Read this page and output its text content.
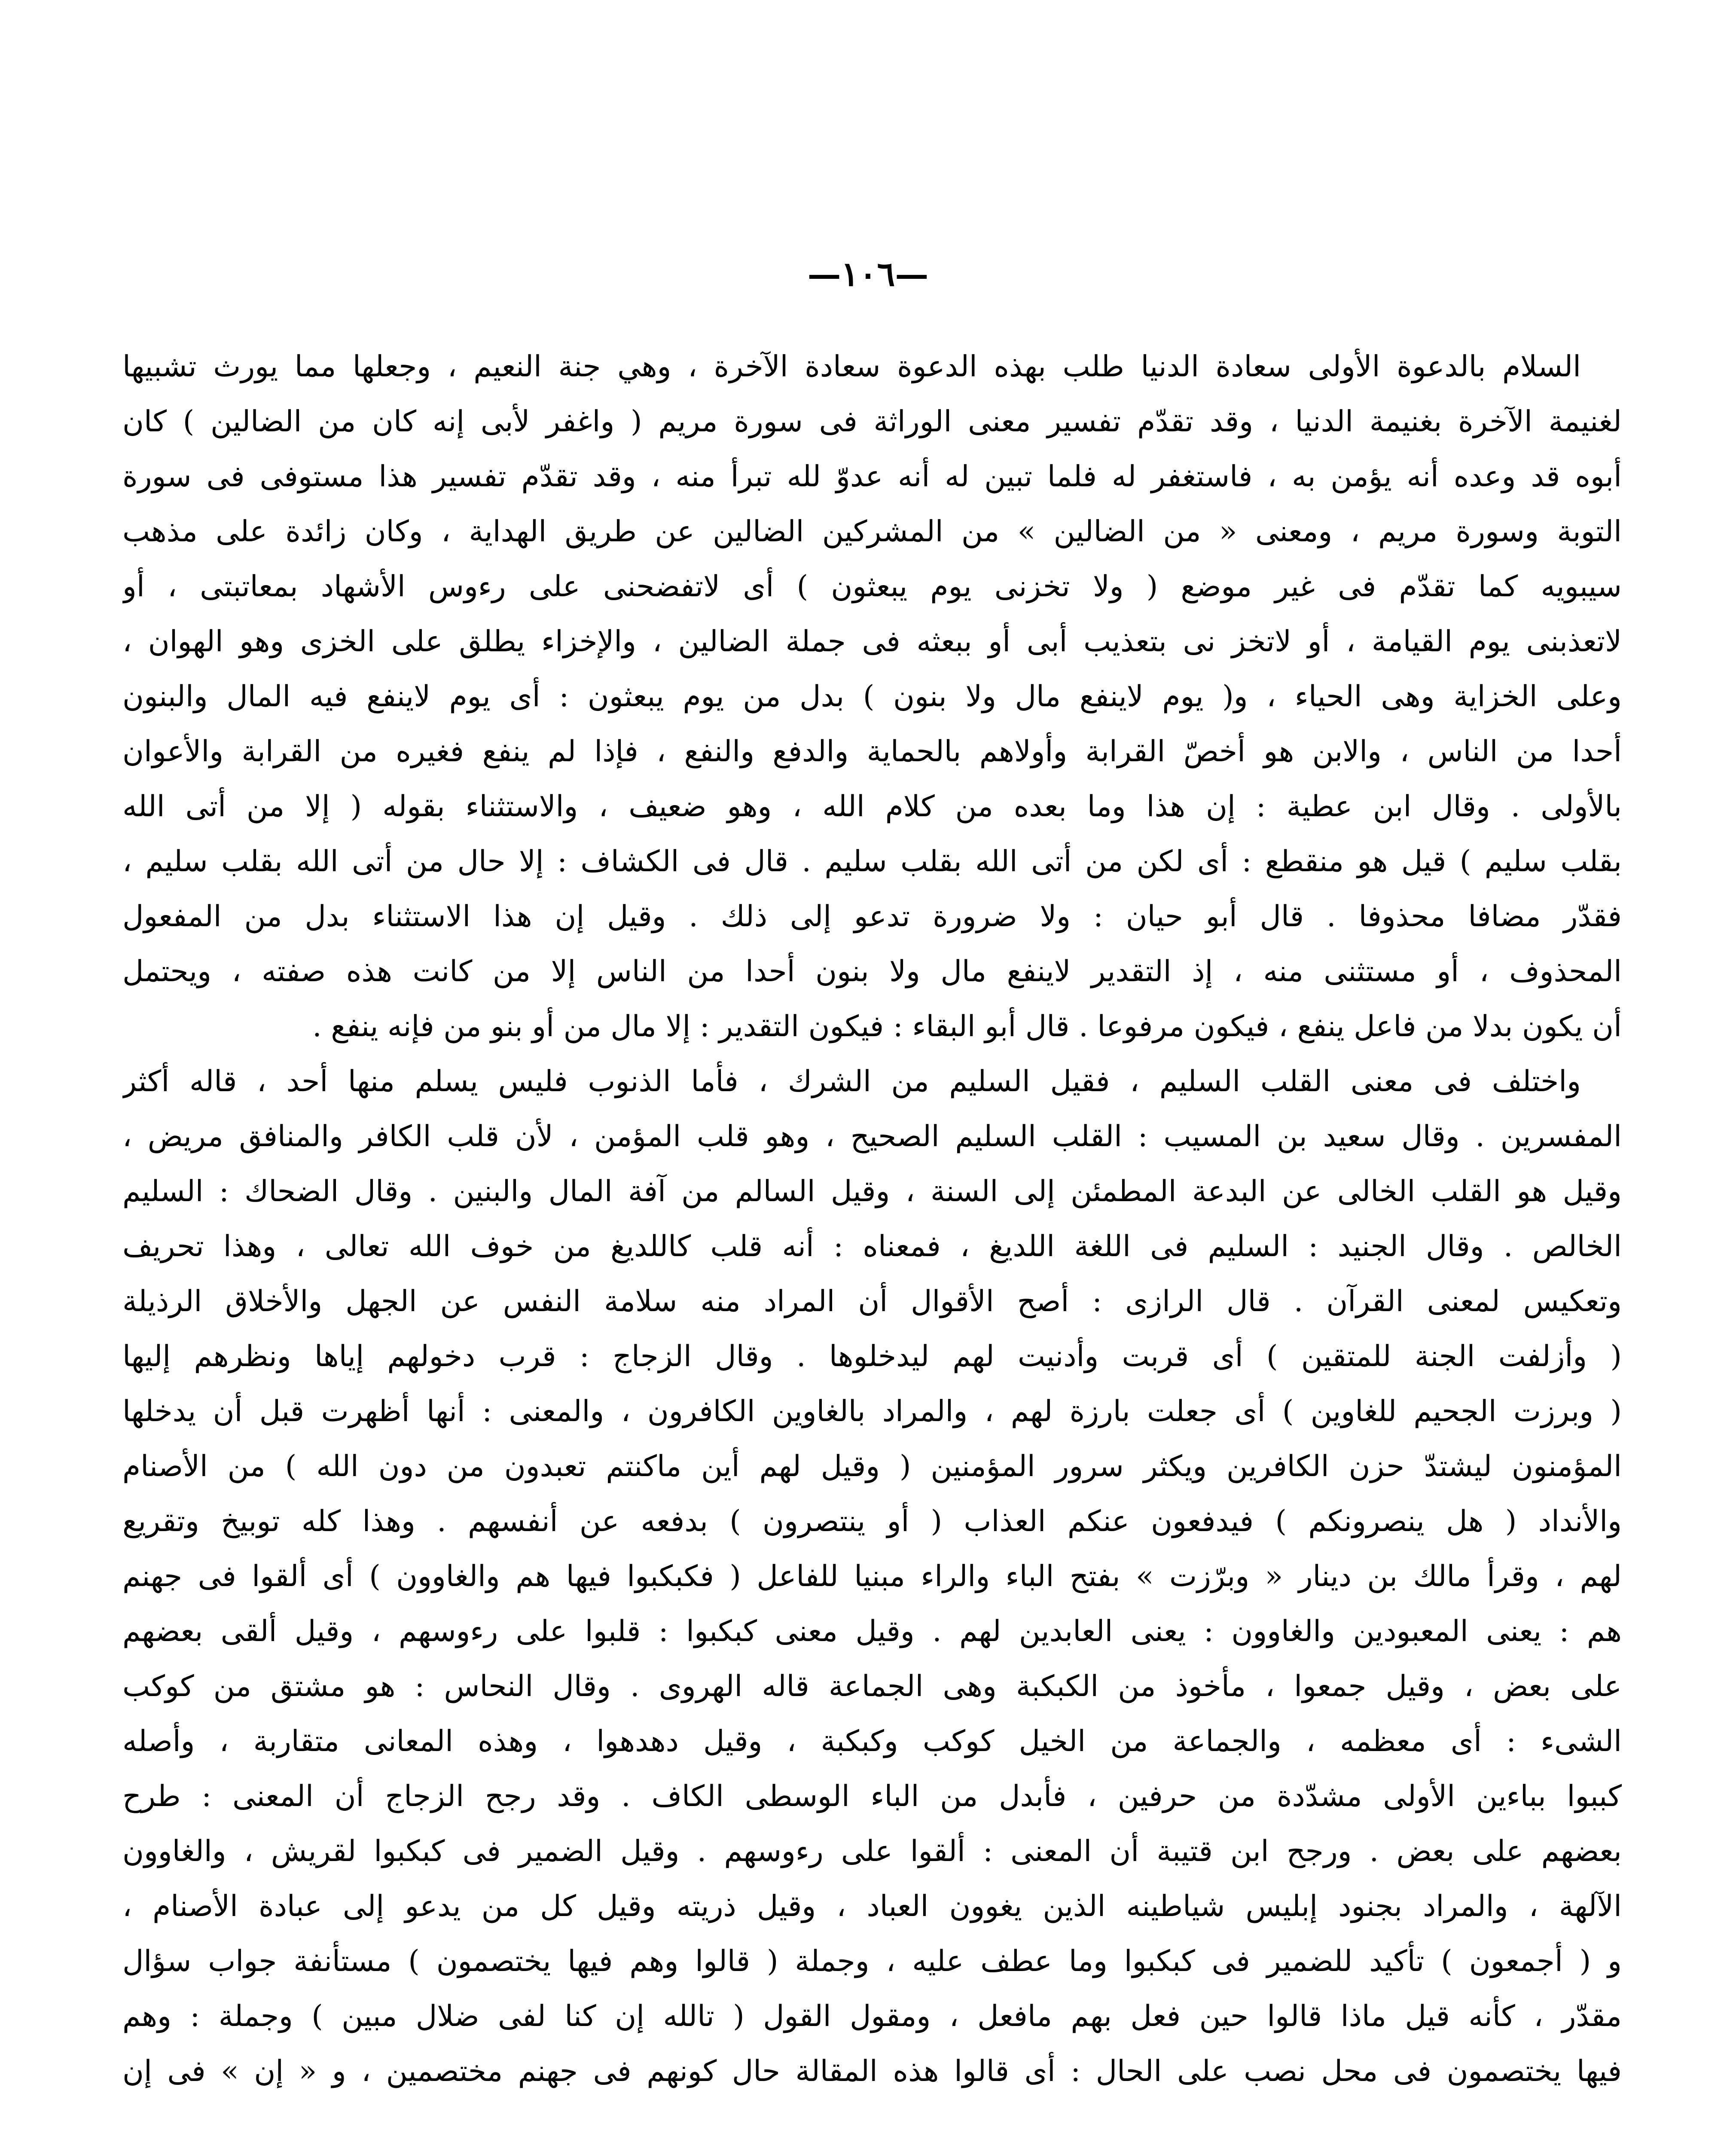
—١٠٦—
السلام بالدعوة الأولى سعادة الدنيا طلب بهذه الدعوة سعادة الآخرة ، وهي جنة النعيم ، وجعلها مما يورث تشبيها
لغنيمة الآخرة بغنيمة الدنيا ، وقد تقدّم تفسير معنى الوراثة فى سورة مريم ( واغفر لأبى إنه كان من الضالين ) كان
أبوه قد وعده أنه يؤمن به ، فاستغفر له فلما تبين له أنه عدوّ لله تبرأ منه ، وقد تقدّم تفسير هذا مستوفى فى سورة
التوبة وسورة مريم ، ومعنى « من الضالين » من المشركين الضالين عن طريق الهداية ، وكان زائدة على مذهب
سيبويه كما تقدّم فى غير موضع ( ولا تخزنى يوم يبعثون ) أى لاتفضحنى على رءوس الأشهاد بمعاتبتى ، أو
لاتعذبنى يوم القيامة ، أو لاتخز نى بتعذيب أبى أو ببعثه فى جملة الضالين ، والإخزاء يطلق على الخزى وهو الهوان ،
وعلى الخزاية وهى الحياء ، و( يوم لاينفع مال ولا بنون ) بدل من يوم يبعثون : أى يوم لاينفع فيه المال والبنون
أحدا من الناس ، والابن هو أخصّ القرابة وأولاهم بالحماية والدفع والنفع ، فإذا لم ينفع فغيره من القرابة والأعوان
بالأولى . وقال ابن عطية : إن هذا وما بعده من كلام الله ، وهو ضعيف ، والاستثناء بقوله ( إلا من أتى الله
بقلب سليم ) قيل هو منقطع : أى لكن من أتى الله بقلب سليم . قال فى الكشاف : إلا حال من أتى الله بقلب سليم ،
فقدّر مضافا محذوفا . قال أبو حيان : ولا ضرورة تدعو إلى ذلك . وقيل إن هذا الاستثناء بدل من المفعول
المحذوف ، أو مستثنى منه ، إذ التقدير لاينفع مال ولا بنون أحدا من الناس إلا من كانت هذه صفته ، ويحتمل
أن يكون بدلا من فاعل ينفع ، فيكون مرفوعا . قال أبو البقاء : فيكون التقدير : إلا مال من أو بنو من فإنه ينفع .
واختلف فى معنى القلب السليم ، فقيل السليم من الشرك ، فأما الذنوب فليس يسلم منها أحد ، قاله أكثر
المفسرين . وقال سعيد بن المسيب : القلب السليم الصحيح ، وهو قلب المؤمن ، لأن قلب الكافر والمنافق مريض ،
وقيل هو القلب الخالى عن البدعة المطمئن إلى السنة ، وقيل السالم من آفة المال والبنين . وقال الضحاك : السليم
الخالص . وقال الجنيد : السليم فى اللغة اللديغ ، فمعناه : أنه قلب كاللديغ من خوف الله تعالى ، وهذا تحريف
وتعكيس لمعنى القرآن . قال الرازى : أصح الأقوال أن المراد منه سلامة النفس عن الجهل والأخلاق الرذيلة
( وأزلفت الجنة للمتقين ) أى قربت وأدنيت لهم ليدخلوها . وقال الزجاج : قرب دخولهم إياها ونظرهم إليها
( وبرزت الجحيم للغاوين ) أى جعلت بارزة لهم ، والمراد بالغاوين الكافرون ، والمعنى : أنها أظهرت قبل أن يدخلها
المؤمنون ليشتدّ حزن الكافرين ويكثر سرور المؤمنين ( وقيل لهم أين ماكنتم تعبدون من دون الله ) من الأصنام
والأنداد ( هل ينصرونكم ) فيدفعون عنكم العذاب ( أو ينتصرون ) بدفعه عن أنفسهم . وهذا كله توبيخ وتقريع
لهم ، وقرأ مالك بن دينار « وبرّزت » بفتح الباء والراء مبنيا للفاعل ( فكبكبوا فيها هم والغاوون ) أى ألقوا فى جهنم
هم : يعنى المعبودين والغاوون : يعنى العابدين لهم . وقيل معنى كبكبوا : قلبوا على رءوسهم ، وقيل ألقى بعضهم
على بعض ، وقيل جمعوا ، مأخوذ من الكبكبة وهى الجماعة قاله الهروى . وقال النحاس : هو مشتق من كوكب
الشىء : أى معظمه ، والجماعة من الخيل كوكب وكبكبة ، وقيل دهدهوا ، وهذه المعانى متقاربة ، وأصله
كببوا بباءين الأولى مشدّدة من حرفين ، فأبدل من الباء الوسطى الكاف . وقد رجح الزجاج أن المعنى : طرح
بعضهم على بعض . ورجح ابن قتيبة أن المعنى : ألقوا على رءوسهم . وقيل الضمير فى كبكبوا لقريش ، والغاوون
الآلهة ، والمراد بجنود إبليس شياطينه الذين يغوون العباد ، وقيل ذريته وقيل كل من يدعو إلى عبادة الأصنام ،
و ( أجمعون ) تأكيد للضمير فى كبكبوا وما عطف عليه ، وجملة ( قالوا وهم فيها يختصمون ) مستأنفة جواب سؤال
مقدّر ، كأنه قيل ماذا قالوا حين فعل بهم مافعل ، ومقول القول ( تالله إن كنا لفى ضلال مبين ) وجملة : وهم
فيها يختصمون فى محل نصب على الحال : أى قالوا هذه المقالة حال كونهم فى جهنم مختصمين ، و « إن » فى إن
